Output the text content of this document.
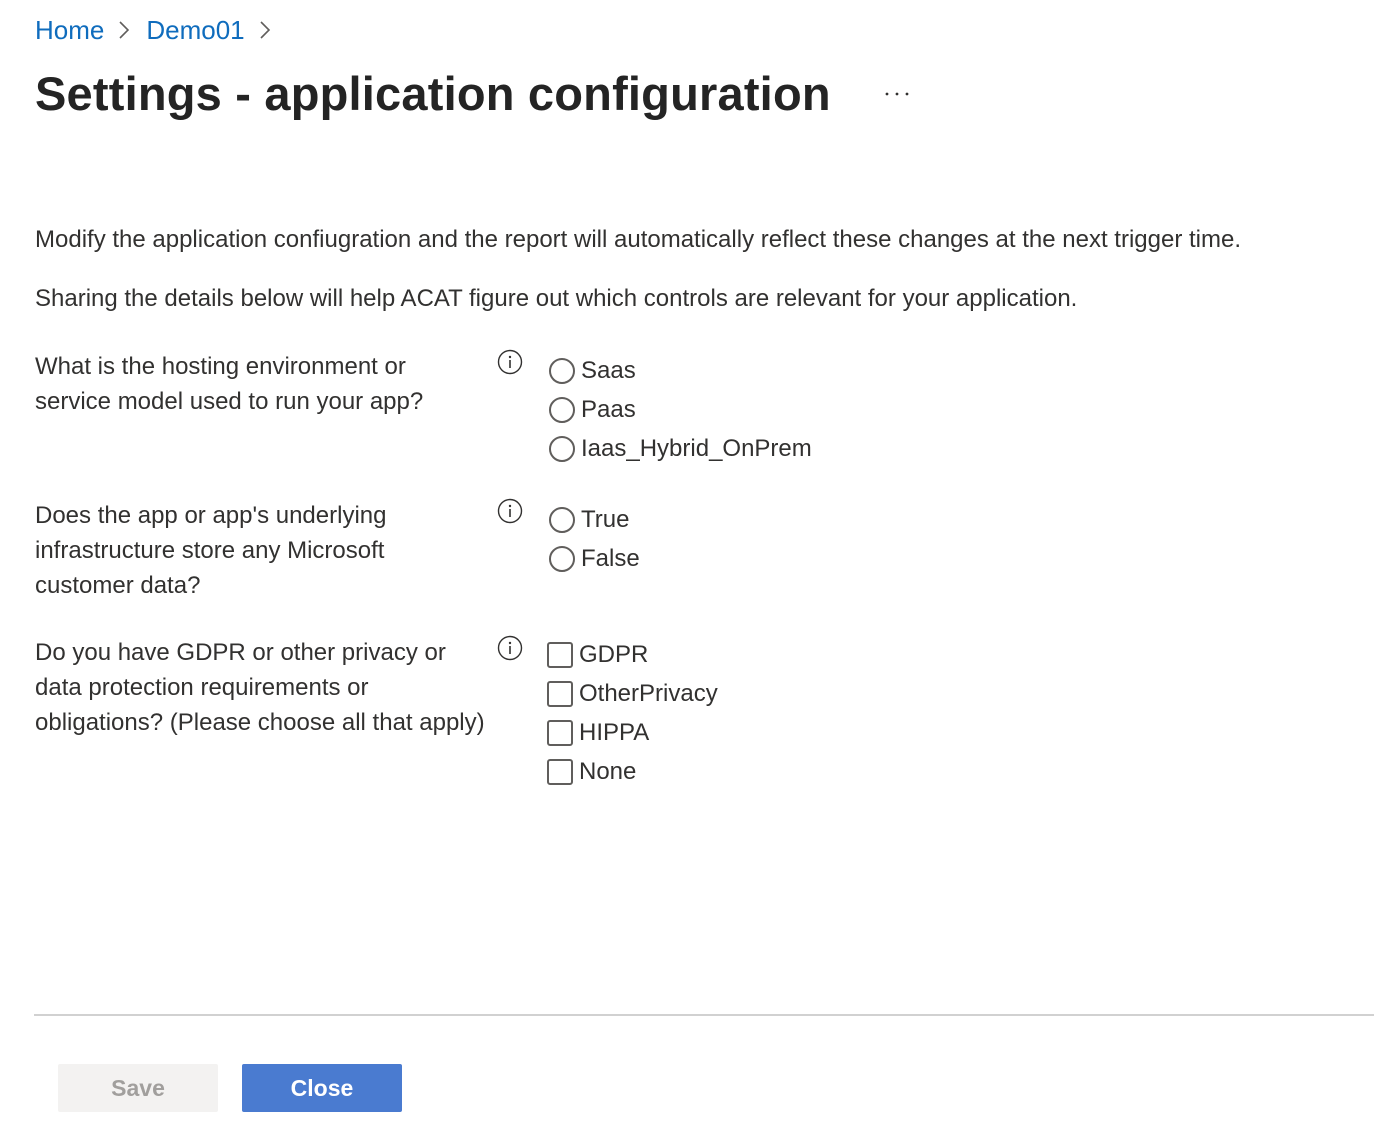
Home Demo01
Settings - application configuration

Modify the application confiugration and the report will automatically reflect these changes at the next trigger time.

Sharing the details below will help ACAT figure out which controls are relevant for your application.

What is the hosting environment or service model used to run your app?
Saas
Paas
Iaas_Hybrid_OnPrem
Does the app or app's underlying infrastructure store any Microsoft customer data?
True
False
Do you have GDPR or other privacy or data protection requirements or obligations? (Please choose all that apply)
GDPR
OtherPrivacy
HIPPA
None
Save	Close
